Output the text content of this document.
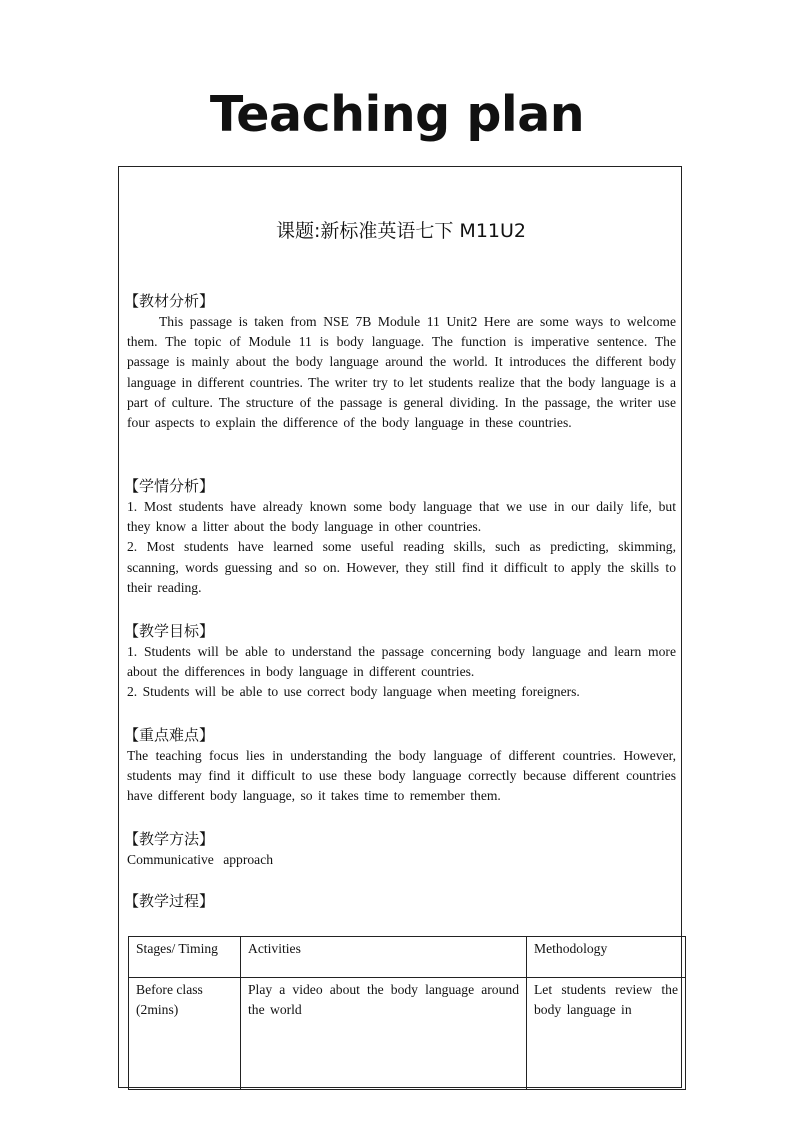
Teaching plan
课题:新标准英语七下 M11U2
【教材分析】

This passage is taken from NSE 7B Module 11 Unit2 Here are some ways to welcome them. The topic of Module 11 is body language. The function is imperative sentence. The passage is mainly about the body language around the world. It introduces the different body language in different countries. The writer try to let students realize that the body language is a part of culture. The structure of the passage is general dividing. In the passage, the writer use four aspects to explain the difference of the body language in these countries.

【学情分析】

1. Most students have already known some body language that we use in our daily life, but they know a litter about the body language in other countries.

2. Most students have learned some useful reading skills, such as predicting, skimming, scanning, words guessing and so on. However, they still find it difficult to apply the skills to their reading.

【教学目标】

1. Students will be able to understand the passage concerning body language and learn more about the differences in body language in different countries.

2. Students will be able to use correct body language when meeting foreigners.

【重点难点】

The teaching focus lies in understanding the body language of different countries. However, students may find it difficult to use these body language correctly because different countries have different body language, so it takes time to remember them.

【教学方法】

Communicative approach

【教学过程】
Stages/ Timing	Activities	Methodology
Before class (2mins)	Play a video about the body language around the world	Let students review the body language in
